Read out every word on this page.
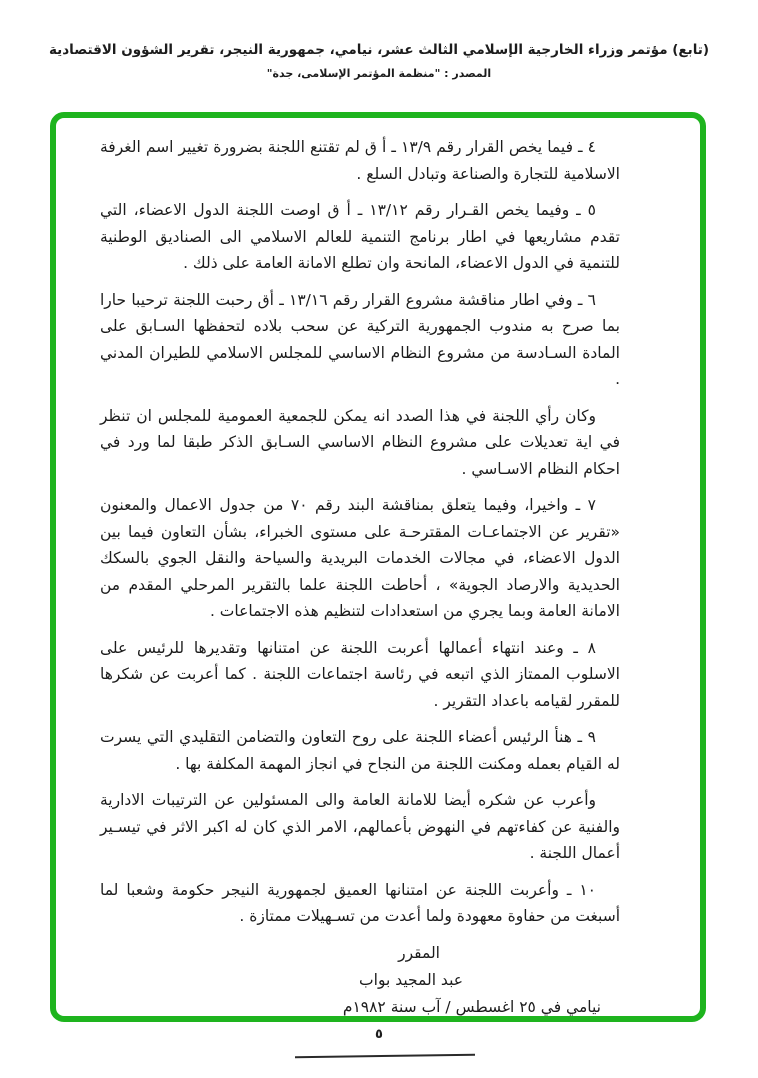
(تابع) مؤتمر وزراء الخارجية الإسلامي الثالث عشر، نيامي، جمهورية النيجر، تقرير الشؤون الاقتصادية
المصدر : "منظمة المؤتمر الإسلامى، جدة"

٤ ـ فيما يخص القرار رقم ١٣/٩ ـ أ ق لم تقتنع اللجنة بضرورة تغيير اسم الغرفة الاسلامية للتجارة والصناعة وتبادل السلع .

٥ ـ وفيما يخص القـرار رقم ١٣/١٢ ـ أ ق اوصت اللجنة الدول الاعضاء، التي تقدم مشاريعها في اطار برنامج التنمية للعالم الاسلامي الى الصناديق الوطنية للتنمية في الدول الاعضاء، المانحة وان تطلع الامانة العامة على ذلك .

٦ ـ وفي اطار مناقشة مشروع القرار رقم ١٣/١٦ ـ أق رحبت اللجنة ترحيبا حارا بما صرح به مندوب الجمهورية التركية عن سحب بلاده لتحفظها السـابق على المادة السـادسة من مشروع النظام الاساسي للمجلس الاسلامي للطيران المدني .

وكان رأي اللجنة في هذا الصدد انه يمكن للجمعية العمومية للمجلس ان تنظر في اية تعديلات على مشروع النظام الاساسي السـابق الذكر طبقا لما ورد في احكام النظام الاسـاسي .

٧ ـ واخيرا، وفيما يتعلق بمناقشة البند رقم ٧٠ من جدول الاعمال والمعنون «تقرير عن الاجتماعـات المقترحـة على مستوى الخبراء، بشأن التعاون فيما بين الدول الاعضاء، في مجالات الخدمات البريدية والسياحة والنقل الجوي بالسكك الحديدية والارصاد الجوية» ، أحاطت اللجنة علما بالتقرير المرحلي المقدم من الامانة العامة وبما يجري من استعدادات لتنظيم هذه الاجتماعات .

٨ ـ وعند انتهاء أعمالها أعربت اللجنة عن امتنانها وتقديرها للرئيس على الاسلوب الممتاز الذي اتبعه في رئاسة اجتماعات اللجنة . كما أعربت عن شكرها للمقرر لقيامه باعداد التقرير .

٩ ـ هنأ الرئيس أعضاء اللجنة على روح التعاون والتضامن التقليدي التي يسرت له القيام بعمله ومكنت اللجنة من النجاح في انجاز المهمة المكلفة بها .

وأعرب عن شكره أيضا للامانة العامة والى المسئولين عن الترتيبات الادارية والفنية عن كفاءتهم في النهوض بأعمالهم، الامر الذي كان له اكبر الاثر في تيسـير أعمال اللجنة .

١٠ ـ وأعربت اللجنة عن امتنانها العميق لجمهورية النيجر حكومة وشعبا لما أسبغت من حفاوة معهودة ولما أعدت من تسـهيلات ممتازة .

المقرر
عبد المجيد بواب
نيامي في ٢٥ اغسطس / آب سنة ١٩٨٢م
٥
